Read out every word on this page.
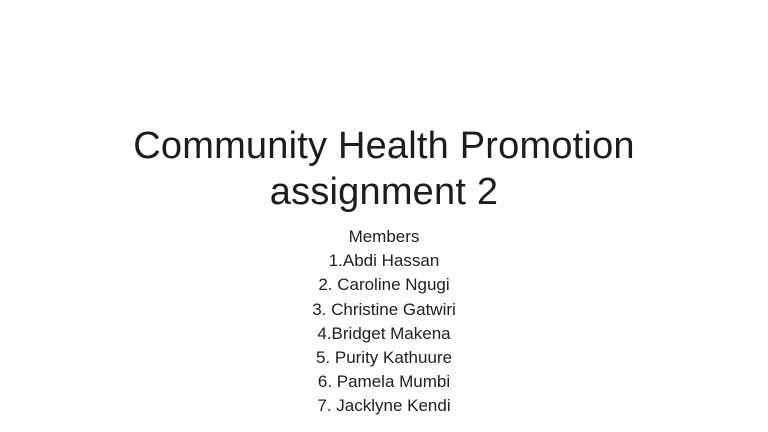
Community Health Promotion
assignment 2
Members
1.Abdi Hassan
2. Caroline Ngugi
3. Christine Gatwiri
4.Bridget Makena
5. Purity Kathuure
6. Pamela Mumbi
7. Jacklyne Kendi
